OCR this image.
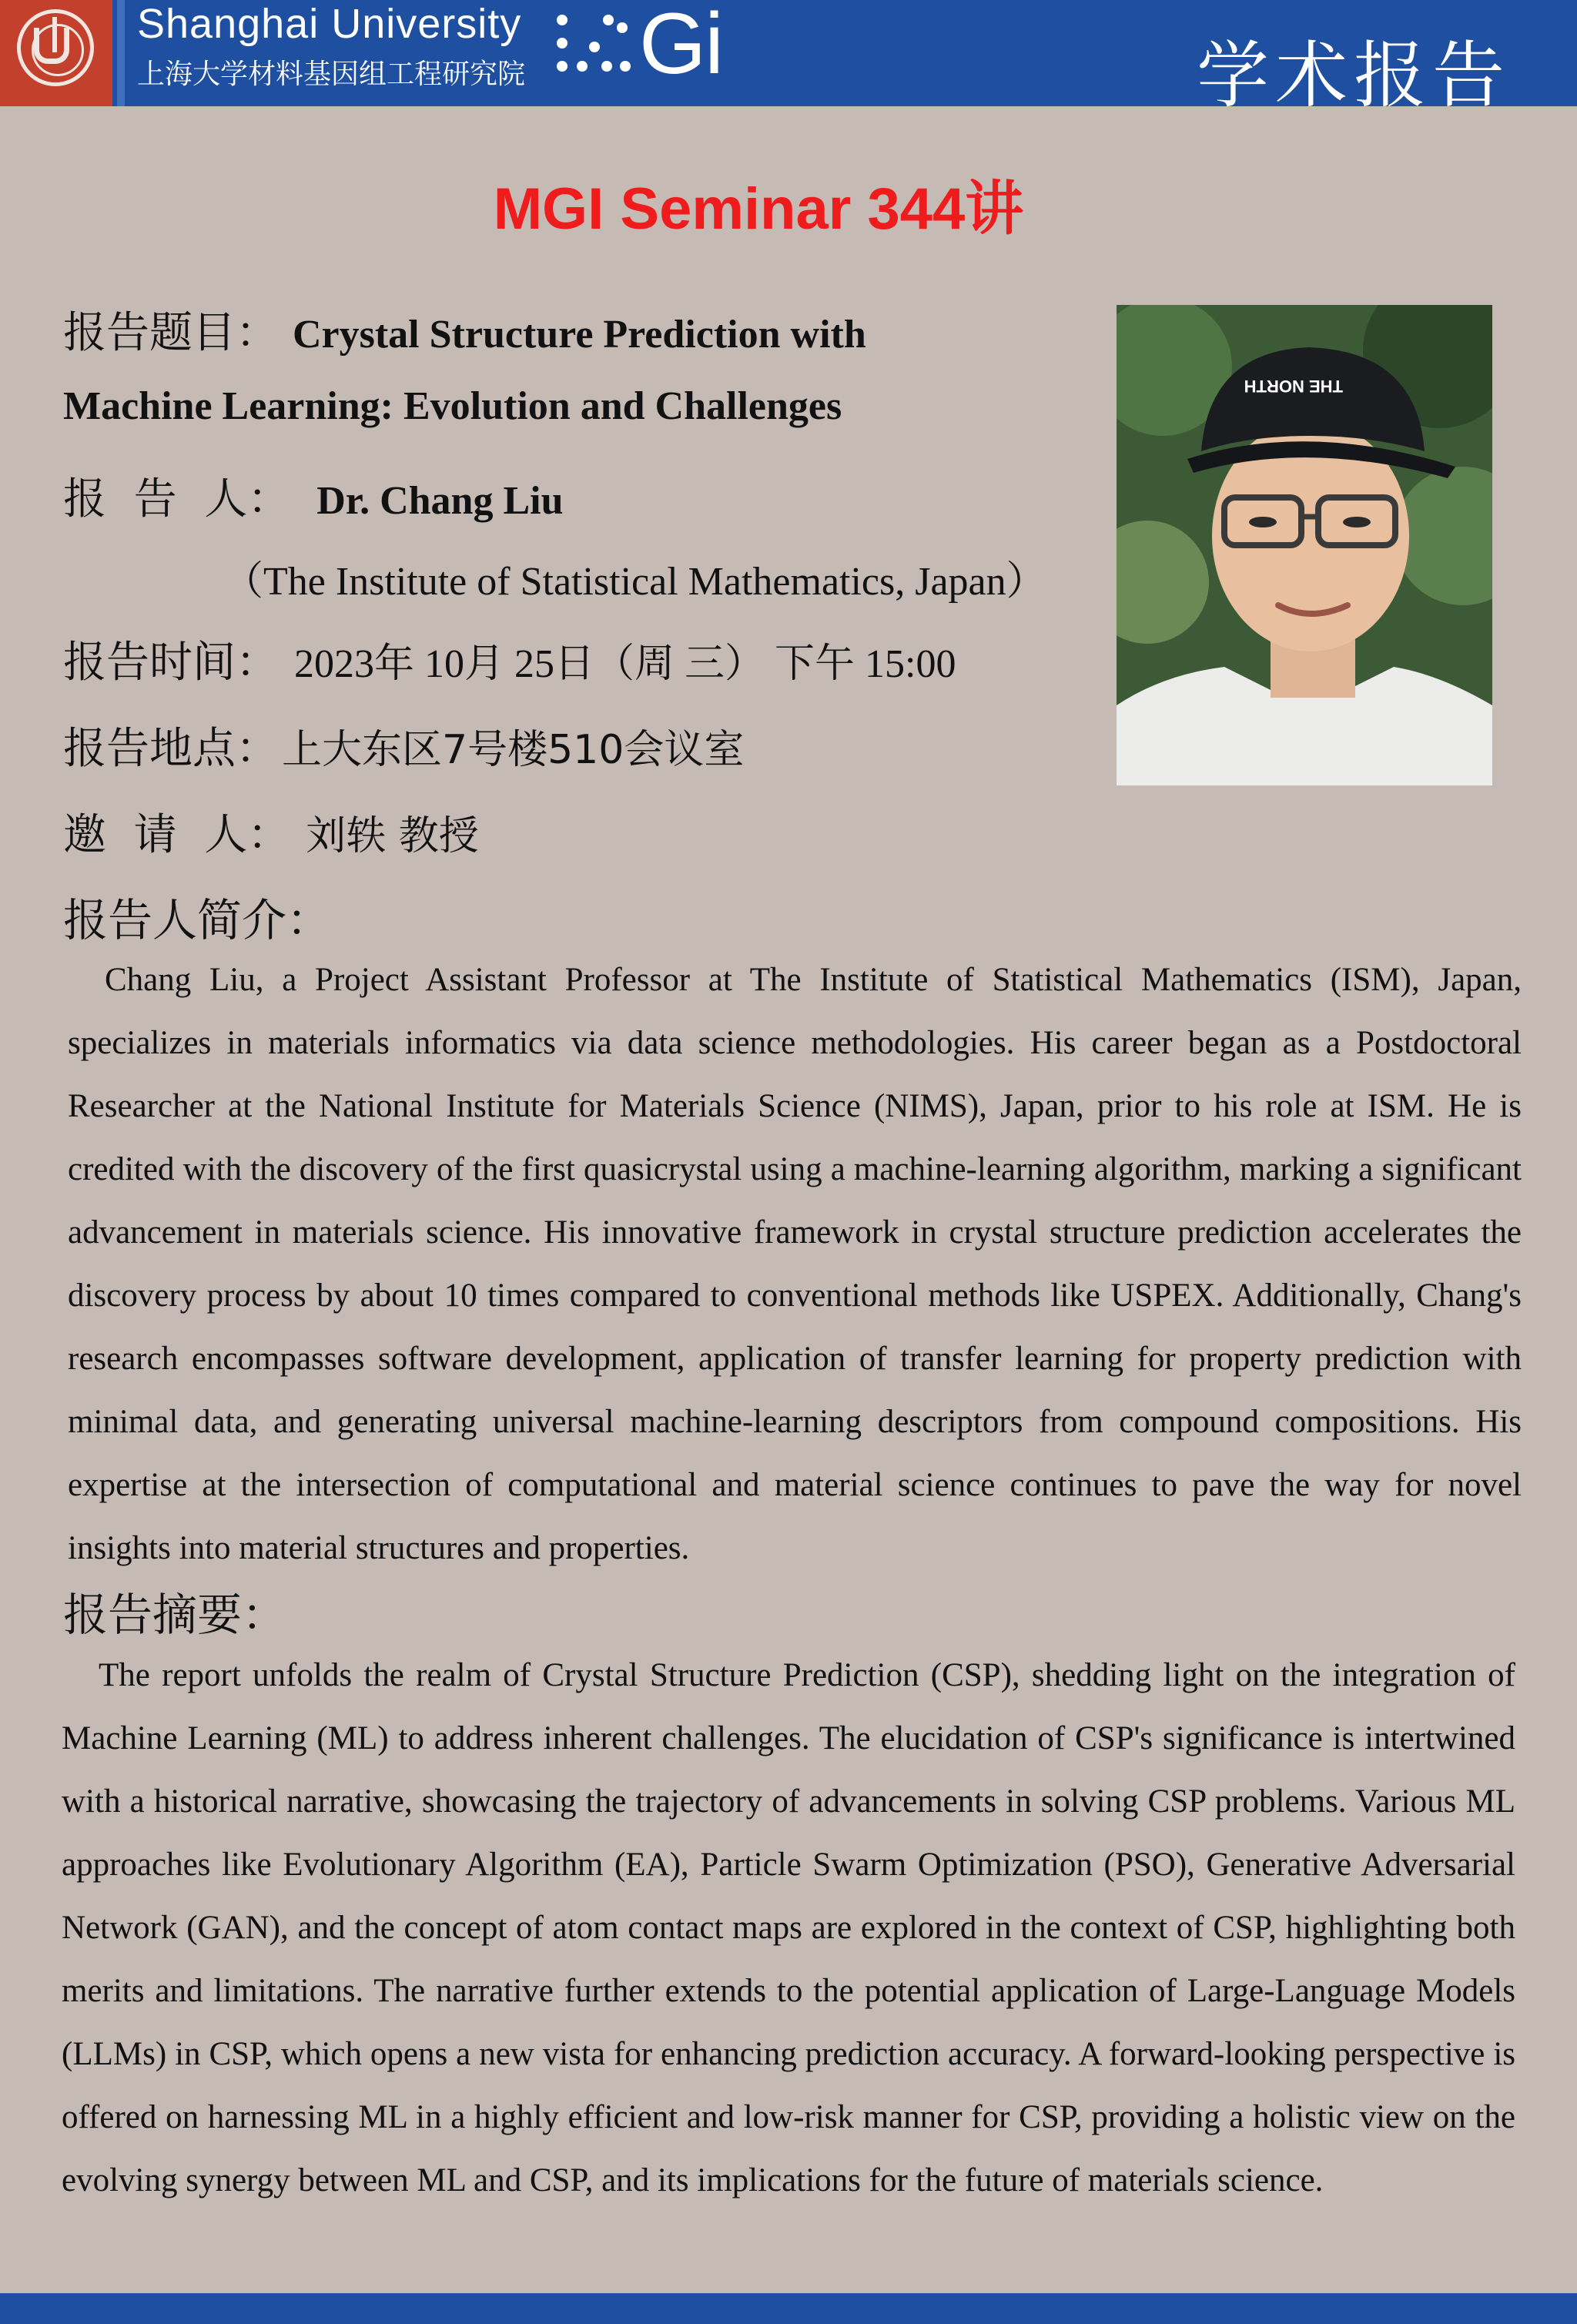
Shanghai University
上海大学材料基因组工程研究院 Gi	学术报告
MGI Seminar 344讲
报告题目： Crystal Structure Prediction with
Machine Learning: Evolution and Challenges
报  告  人： Dr. Chang Liu
（The Institute of Statistical Mathematics, Japan）
报告时间： 2023年 10月 25日（周 三） 下午 15:00
报告地点： 上大东区7号楼510会议室
邀  请  人： 刘轶 教授
THE NORTH
报告人简介：
Chang Liu, a Project Assistant Professor at The Institute of Statistical Mathematics (ISM), Japan, specializes in materials informatics via data science methodologies. His career began as a Postdoctoral Researcher at the National Institute for Materials Science (NIMS), Japan, prior to his role at ISM. He is credited with the discovery of the first quasicrystal using a machine-learning algorithm, marking a significant advancement in materials science. His innovative framework in crystal structure prediction accelerates the discovery process by about 10 times compared to conventional methods like USPEX. Additionally, Chang's research encompasses software development, application of transfer learning for property prediction with minimal data, and generating universal machine-learning descriptors from compound compositions. His expertise at the intersection of computational and material science continues to pave the way for novel insights into material structures and properties.
报告摘要：
The report unfolds the realm of Crystal Structure Prediction (CSP), shedding light on the integration of Machine Learning (ML) to address inherent challenges. The elucidation of CSP's significance is intertwined with a historical narrative, showcasing the trajectory of advancements in solving CSP problems. Various ML approaches like Evolutionary Algorithm (EA), Particle Swarm Optimization (PSO), Generative Adversarial Network (GAN), and the concept of atom contact maps are explored in the context of CSP, highlighting both merits and limitations. The narrative further extends to the potential application of Large-Language Models (LLMs) in CSP, which opens a new vista for enhancing prediction accuracy. A forward-looking perspective is offered on harnessing ML in a highly efficient and low-risk manner for CSP, providing a holistic view on the evolving synergy between ML and CSP, and its implications for the future of materials science.
